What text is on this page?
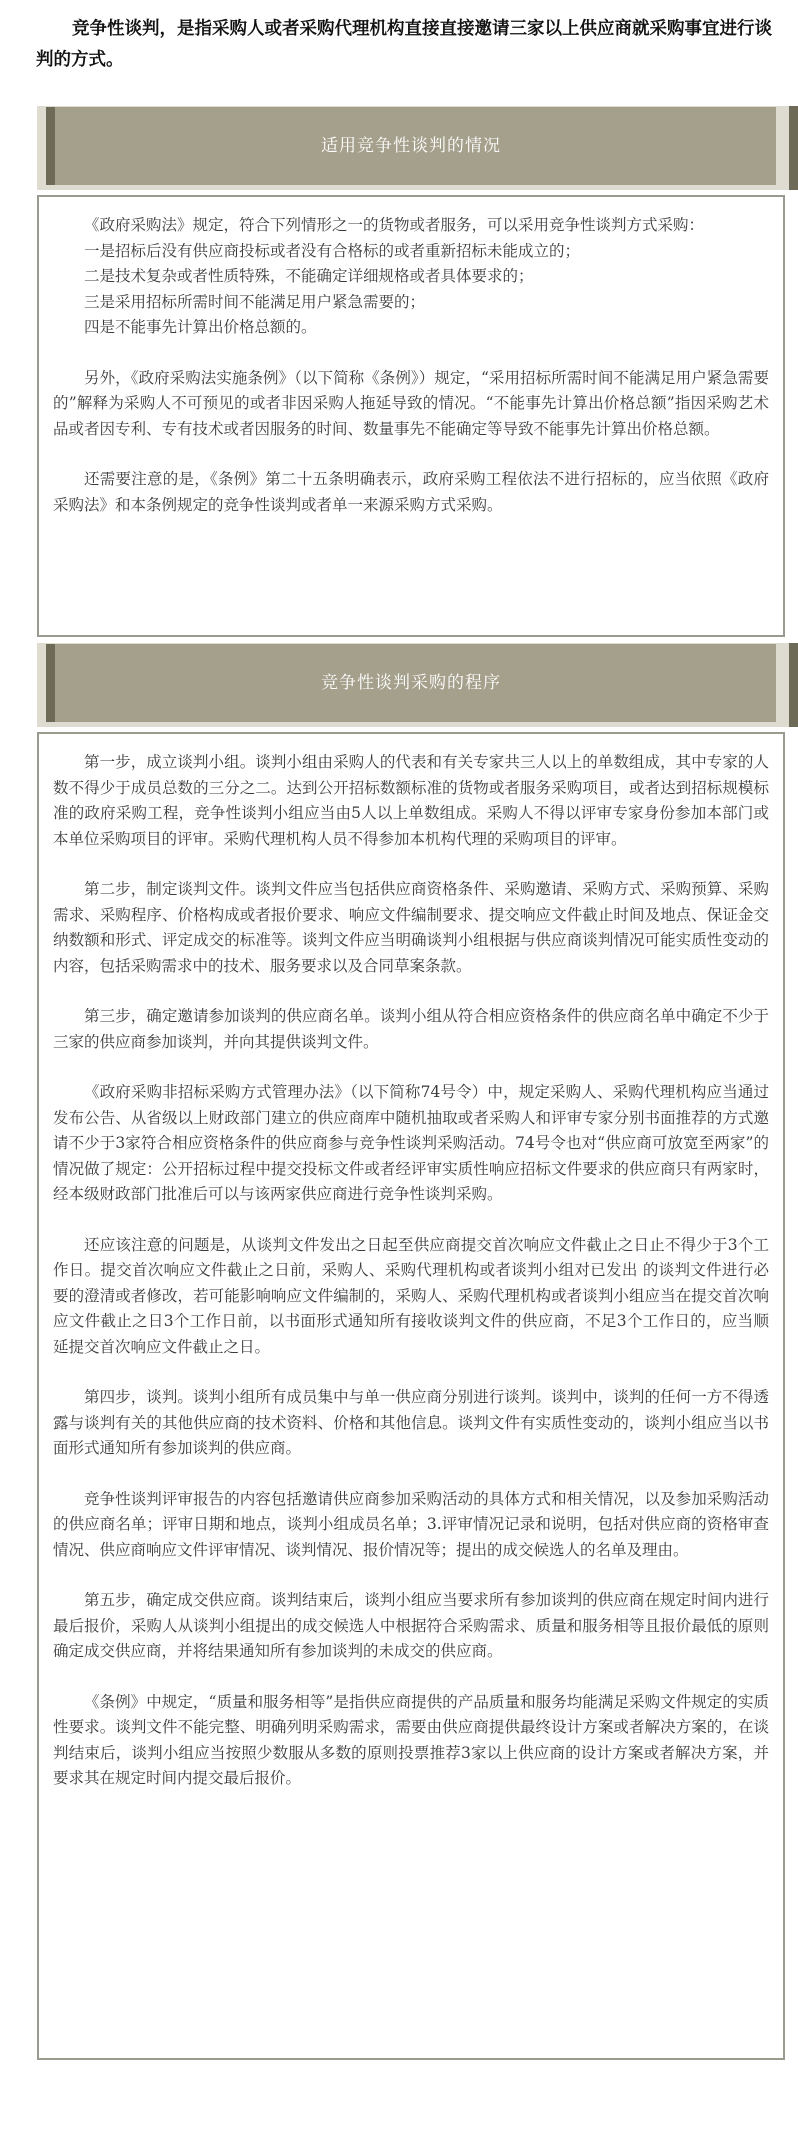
竞争性谈判，是指采购人或者采购代理机构直接直接邀请三家以上供应商就采购事宜进行谈判的方式。

适用竞争性谈判的情况

《政府采购法》规定，符合下列情形之一的货物或者服务，可以采用竞争性谈判方式采购：

一是招标后没有供应商投标或者没有合格标的或者重新招标未能成立的；

二是技术复杂或者性质特殊，不能确定详细规格或者具体要求的；

三是采用招标所需时间不能满足用户紧急需要的；

四是不能事先计算出价格总额的。

另外，《政府采购法实施条例》（以下简称《条例》）规定，“采用招标所需时间不能满足用户紧急需要的”解释为采购人不可预见的或者非因采购人拖延导致的情况。“不能事先计算出价格总额”指因采购艺术品或者因专利、专有技术或者因服务的时间、数量事先不能确定等导致不能事先计算出价格总额。

还需要注意的是，《条例》第二十五条明确表示，政府采购工程依法不进行招标的，应当依照《政府采购法》和本条例规定的竞争性谈判或者单一来源采购方式采购。

竞争性谈判采购的程序

第一步，成立谈判小组。谈判小组由采购人的代表和有关专家共三人以上的单数组成，其中专家的人数不得少于成员总数的三分之二。达到公开招标数额标准的货物或者服务采购项目，或者达到招标规模标准的政府采购工程，竞争性谈判小组应当由5人以上单数组成。采购人不得以评审专家身份参加本部门或本单位采购项目的评审。采购代理机构人员不得参加本机构代理的采购项目的评审。

第二步，制定谈判文件。谈判文件应当包括供应商资格条件、采购邀请、采购方式、采购预算、采购需求、采购程序、价格构成或者报价要求、响应文件编制要求、提交响应文件截止时间及地点、保证金交纳数额和形式、评定成交的标准等。谈判文件应当明确谈判小组根据与供应商谈判情况可能实质性变动的内容，包括采购需求中的技术、服务要求以及合同草案条款。

第三步，确定邀请参加谈判的供应商名单。谈判小组从符合相应资格条件的供应商名单中确定不少于三家的供应商参加谈判，并向其提供谈判文件。

《政府采购非招标采购方式管理办法》（以下简称74号令）中，规定采购人、采购代理机构应当通过发布公告、从省级以上财政部门建立的供应商库中随机抽取或者采购人和评审专家分别书面推荐的方式邀请不少于3家符合相应资格条件的供应商参与竞争性谈判采购活动。74号令也对“供应商可放宽至两家”的情况做了规定：公开招标过程中提交投标文件或者经评审实质性响应招标文件要求的供应商只有两家时，经本级财政部门批准后可以与该两家供应商进行竞争性谈判采购。

还应该注意的问题是，从谈判文件发出之日起至供应商提交首次响应文件截止之日止不得少于3个工作日。提交首次响应文件截止之日前，采购人、采购代理机构或者谈判小组对已发出 的谈判文件进行必要的澄清或者修改，若可能影响响应文件编制的，采购人、采购代理机构或者谈判小组应当在提交首次响应文件截止之日3个工作日前，以书面形式通知所有接收谈判文件的供应商，不足3个工作日的，应当顺延提交首次响应文件截止之日。

第四步，谈判。谈判小组所有成员集中与单一供应商分别进行谈判。谈判中，谈判的任何一方不得透露与谈判有关的其他供应商的技术资料、价格和其他信息。谈判文件有实质性变动的，谈判小组应当以书面形式通知所有参加谈判的供应商。

竞争性谈判评审报告的内容包括邀请供应商参加采购活动的具体方式和相关情况，以及参加采购活动的供应商名单；评审日期和地点，谈判小组成员名单；3.评审情况记录和说明，包括对供应商的资格审查情况、供应商响应文件评审情况、谈判情况、报价情况等；提出的成交候选人的名单及理由。

第五步，确定成交供应商。谈判结束后，谈判小组应当要求所有参加谈判的供应商在规定时间内进行最后报价，采购人从谈判小组提出的成交候选人中根据符合采购需求、质量和服务相等且报价最低的原则确定成交供应商，并将结果通知所有参加谈判的未成交的供应商。

《条例》中规定，“质量和服务相等”是指供应商提供的产品质量和服务均能满足采购文件规定的实质性要求。谈判文件不能完整、明确列明采购需求，需要由供应商提供最终设计方案或者解决方案的，在谈判结束后，谈判小组应当按照少数服从多数的原则投票推荐3家以上供应商的设计方案或者解决方案，并要求其在规定时间内提交最后报价。
